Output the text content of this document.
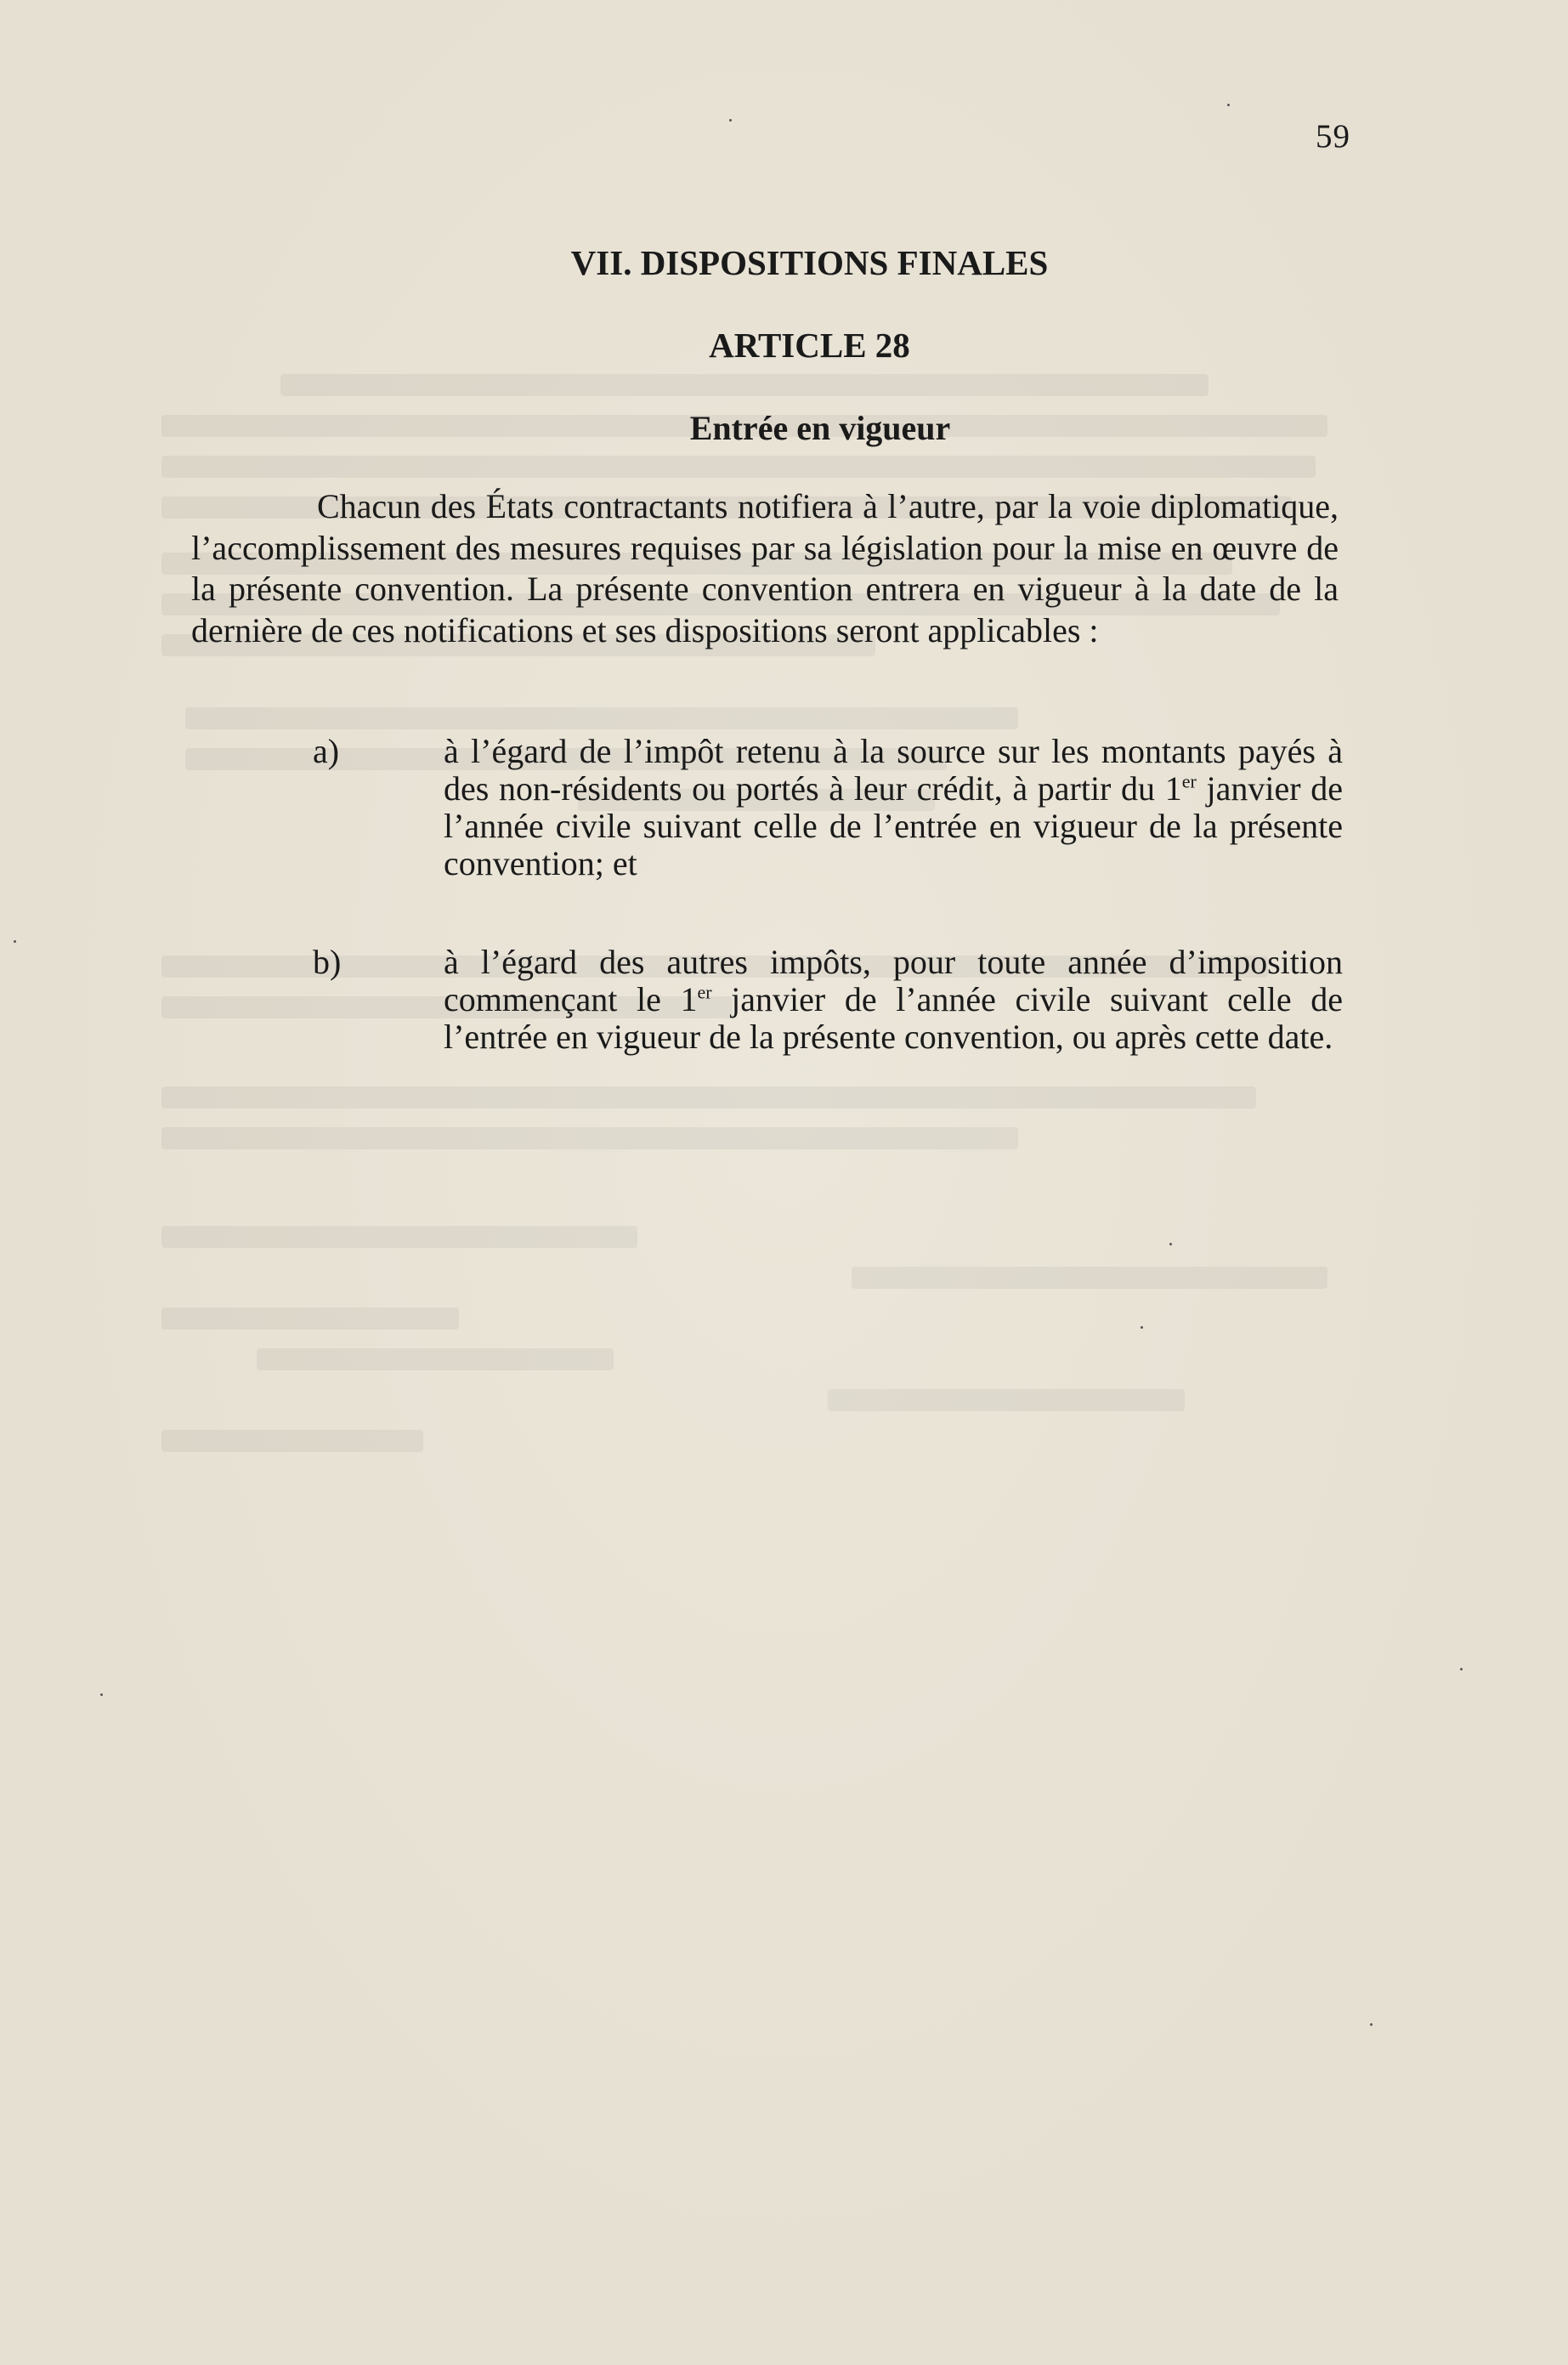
59
VII. DISPOSITIONS FINALES
ARTICLE 28
Entrée en vigueur
Chacun des États contractants notifiera à l’autre, par la voie diplomatique, l’accomplissement des mesures requises par sa législation pour la mise en œuvre de la présente convention. La présente convention entrera en vigueur à la date de la dernière de ces notifications et ses dispositions seront applicables :
a)	à l’égard de l’impôt retenu à la source sur les montants payés à des non-résidents ou portés à leur crédit, à partir du 1er janvier de l’année civile suivant celle de l’entrée en vigueur de la présente convention; et
b)	à l’égard des autres impôts, pour toute année d’imposition commençant le 1er janvier de l’année civile suivant celle de l’entrée en vigueur de la présente convention, ou après cette date.
